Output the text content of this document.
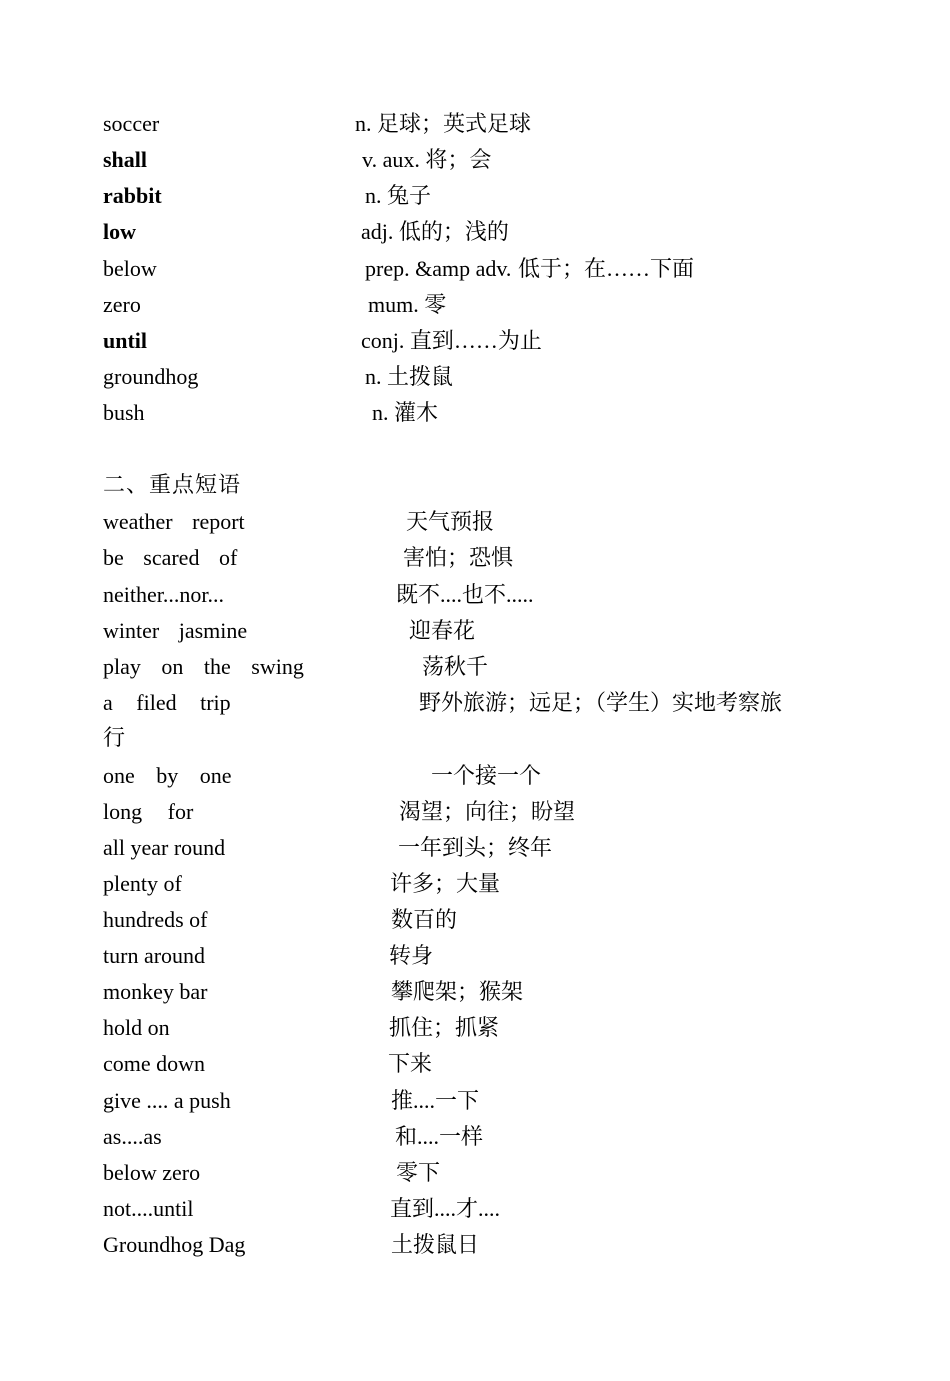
soccer	n. 足球；英式足球
shall	v. aux. 将；会
rabbit	n. 兔子
low	adj. 低的；浅的
below	prep. &amp adv. 低于；在……下面
zero	mum. 零
until	conj. 直到……为止
groundhog	n. 土拨鼠
bush	n. 灌木
二、重点短语
weather report	天气预报
be scared of	害怕；恐惧
neither...nor...	既不....也不.....
winter jasmine	迎春花
play on the swing	荡秋千
a filed trip	野外旅游；远足；（学生）实地考察旅
行
one by one	一个接一个
long for	渴望；向往；盼望
all year round	一年到头；终年
plenty of	许多；大量
hundreds of	数百的
turn around	转身
monkey bar	攀爬架；猴架
hold on	抓住；抓紧
come down	下来
give .... a push	推....一下
as....as	和....一样
below zero	零下
not....until	直到....才....
Groundhog Dag	土拨鼠日
